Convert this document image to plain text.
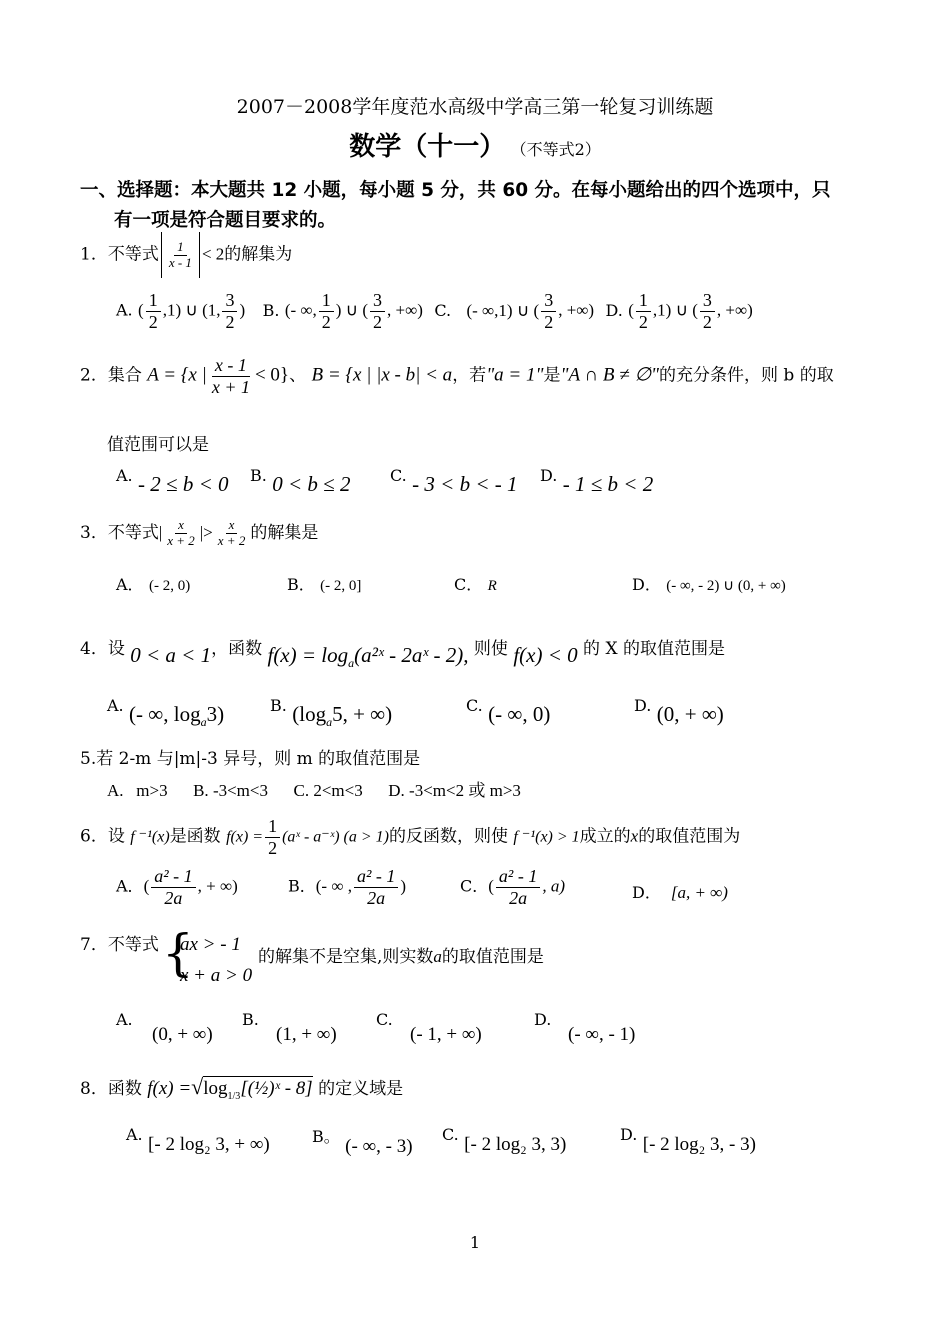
2007－2008学年度范水高级中学高三第一轮复习训练题
数学（十一） （不等式2）
一、选择题：本大题共 12 小题，每小题 5 分，共 60 分。在每小题给出的四个选项中，只
有一项是符合题目要求的。
1．不等式 $\frac{1}{x - 1} < 2$的解集为
A. ( $\frac{1}{2} ,1$) ∪ (1, $\frac{3}{2}$ ) B. (- ∞, $\frac{1}{2}$ ) ∪ ( $\frac{3}{2}$ , +∞) C. (- ∞,1) ∪ ( $\frac{3}{2}$ , +∞) D. ( $\frac{1}{2} ,1$) ∪ ( $\frac{3}{2}$ , +∞)
2．集合 A = {x | $\frac{x - 1}{x + 1} < 0$}、 B = {x | |x - b| < a，若"a = 1"是"A ∩ B ≠ ∅"的充分条件，则 b 的取
值范围可以是
A. - 2 ≤ b < 0 B. 0 < b ≤ 2 C. - 3 < b < - 1 D. - 1 ≤ b < 2
3．不等式| $\frac{x}{x + 2}$ |> $\frac{x}{x + 2}$ 的解集是
A． (- 2, 0)	B． (- 2, 0]	C． R	D． (- ∞, - 2) ∪ (0, + ∞)
4．设 0 < a < 1，函数 $f(x) = \log_a(a^2ˣ$ - 2aˣ - 2), 则使 f(x) < 0 的 X 的取值范围是
A. (- ∞, $\log_a3$)	B. ($\log_a5$, + ∞)	C. (- ∞, 0)	D. (0, + ∞)
5.若 2-m 与|m|-3 异号，则 m 的取值范围是
A. m>3 B. -3<m<3 C. 2<m<3 D. -3<m<2 或 m>3
6．设 f ⁻¹(x)是函数 $f(x) = \frac{1}{2}$ (aˣ - a⁻ˣ) (a > 1)的反函数，则使 f ⁻¹(x) > 1成立的x的取值范围为
A．( $\frac{\text{a² - 1}}{2a}$ , + ∞)	B．(- ∞ , $\frac{\text{a² - 1}}{2a}$ )	C．( $\frac{\text{a² - 1}}{2a}$ , a)	D． [a, + ∞)
7．不等式 {
ax > - 1
x + a > 0
的解集不是空集,则实数a的取值范围是
A.
(0, + ∞)
B.
(1, + ∞)
C.
(- 1, + ∞)
D.
(- ∞, - 1)
8．函数 $f(x) =√\log_{1/3}[(\frac{1}{2})ˣ - 8]$ 的定义域是
A. [- 2 log₂ 3, + ∞)	B。 (- ∞, - 3)
C. [- 2 log₂ 3, 3)	D. [- 2 log₂ 3, - 3)
1
